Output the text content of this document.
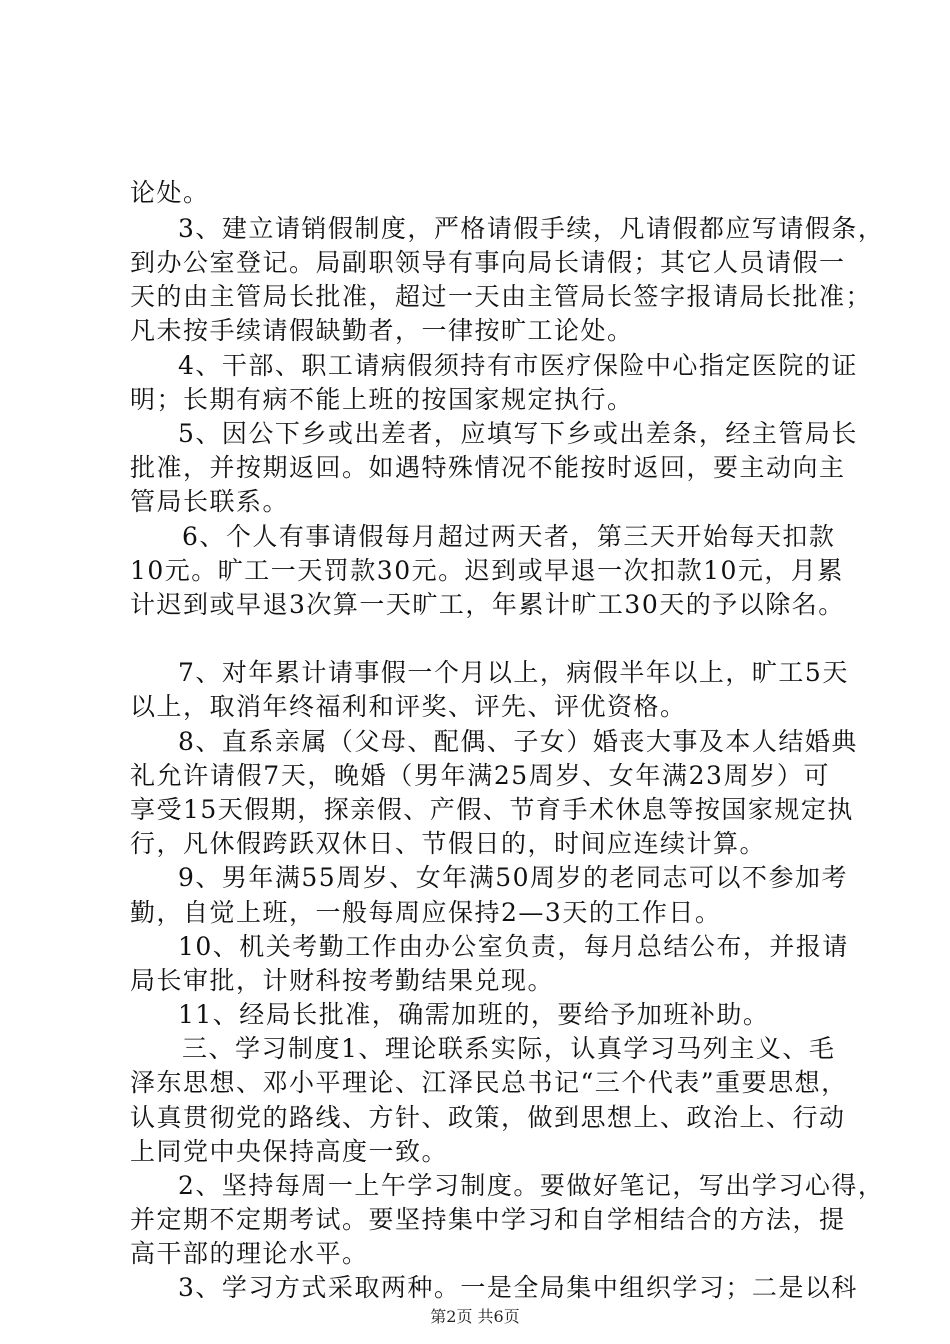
论处。
3、建立请销假制度，严格请假手续，凡请假都应写请假条，
到办公室登记。局副职领导有事向局长请假；其它人员请假一
天的由主管局长批准，超过一天由主管局长签字报请局长批准；
凡未按手续请假缺勤者，一律按旷工论处。
4、干部、职工请病假须持有市医疗保险中心指定医院的证
明；长期有病不能上班的按国家规定执行。
5、因公下乡或出差者，应填写下乡或出差条，经主管局长
批准，并按期返回。如遇特殊情况不能按时返回，要主动向主
管局长联系。
6、个人有事请假每月超过两天者，第三天开始每天扣款
10元。旷工一天罚款30元。迟到或早退一次扣款10元，月累
计迟到或早退3次算一天旷工，年累计旷工30天的予以除名。
7、对年累计请事假一个月以上，病假半年以上，旷工5天
以上，取消年终福利和评奖、评先、评优资格。
8、直系亲属（父母、配偶、子女）婚丧大事及本人结婚典
礼允许请假7天，晚婚（男年满25周岁、女年满23周岁）可
享受15天假期，探亲假、产假、节育手术休息等按国家规定执
行，凡休假跨跃双休日、节假日的，时间应连续计算。
9、男年满55周岁、女年满50周岁的老同志可以不参加考
勤，自觉上班，一般每周应保持2—3天的工作日。
10、机关考勤工作由办公室负责，每月总结公布，并报请
局长审批，计财科按考勤结果兑现。
11、经局长批准，确需加班的，要给予加班补助。
三、学习制度1、理论联系实际，认真学习马列主义、毛
泽东思想、邓小平理论、江泽民总书记“三个代表”重要思想，
认真贯彻党的路线、方针、政策，做到思想上、政治上、行动
上同党中央保持高度一致。
2、坚持每周一上午学习制度。要做好笔记，写出学习心得，
并定期不定期考试。要坚持集中学习和自学相结合的方法，提
高干部的理论水平。
3、学习方式采取两种。一是全局集中组织学习；二是以科
第2页 共6页
